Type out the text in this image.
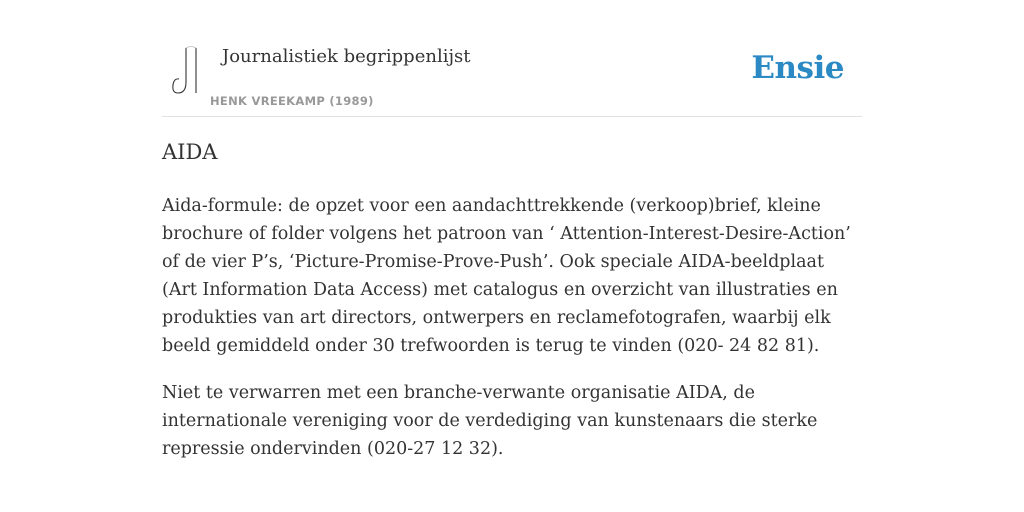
Journalistiek begrippenlijst
HENK VREEKAMP (1989)
Ensie
AIDA

Aida-formule: de opzet voor een aandachttrekkende (verkoop)brief, kleine brochure of folder volgens het patroon van ‘ Attention-Interest-Desire-Action’ of de vier P’s, ‘Picture-Promise-Prove-Push’. Ook speciale AIDA-beeldplaat (Art Information Data Access) met catalogus en overzicht van illustraties en produkties van art directors, ontwerpers en reclamefotografen, waarbij elk beeld gemiddeld onder 30 trefwoorden is terug te vinden (020- 24 82 81).

Niet te verwarren met een branche-verwante organisatie AIDA, de internationale vereniging voor de verdediging van kunstenaars die sterke repressie ondervinden (020-27 12 32).
